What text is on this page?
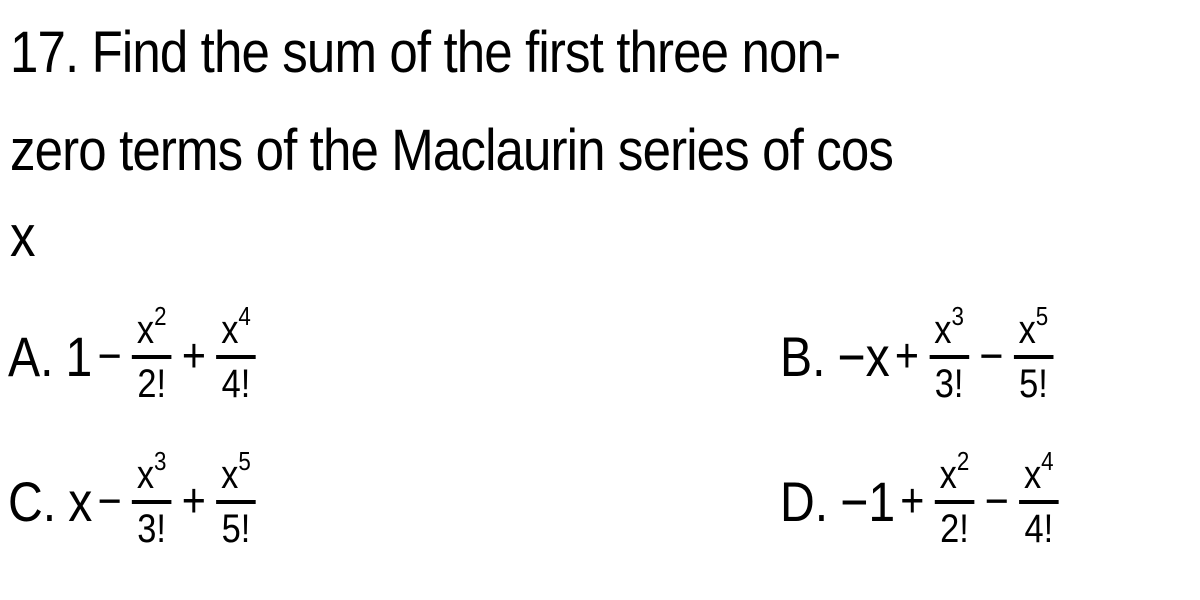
17. Find the sum of the first three non-
zero terms of the Maclaurin series of cos
x
A. $1 - \frac{x^2}{2!} + \frac{x^4}{4!}$	B. $-x + \frac{x^3}{3!} - \frac{x^5}{5!}$
C. $x - \frac{x^3}{3!} + \frac{x^5}{5!}$	D. $-1 + \frac{x^2}{2!} - \frac{x^4}{4!}$
